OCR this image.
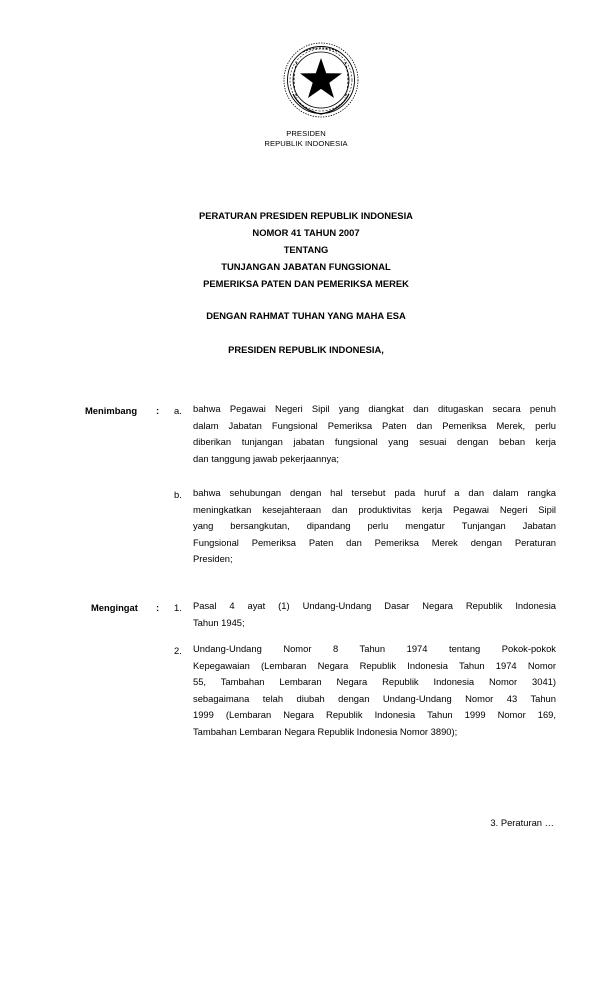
PRESIDEN
REPUBLIK INDONESIA
PERATURAN PRESIDEN REPUBLIK INDONESIA
NOMOR 41 TAHUN 2007
TENTANG
TUNJANGAN JABATAN FUNGSIONAL
PEMERIKSA PATEN DAN PEMERIKSA MEREK
DENGAN RAHMAT TUHAN YANG MAHA ESA
PRESIDEN REPUBLIK INDONESIA,
Menimbang : a. bahwa Pegawai Negeri Sipil yang diangkat dan ditugaskan secara penuh
dalam Jabatan Fungsional Pemeriksa Paten dan Pemeriksa Merek, perlu
diberikan tunjangan jabatan fungsional yang sesuai dengan beban kerja
dan tanggung jawab pekerjaannya;
b. bahwa sehubungan dengan hal tersebut pada huruf a dan dalam rangka
meningkatkan kesejahteraan dan produktivitas kerja Pegawai Negeri Sipil
yang bersangkutan, dipandang perlu mengatur Tunjangan Jabatan
Fungsional Pemeriksa Paten dan Pemeriksa Merek dengan Peraturan
Presiden;
Mengingat : 1. Pasal 4 ayat (1) Undang-Undang Dasar Negara Republik Indonesia
Tahun 1945;
2. Undang-Undang Nomor 8 Tahun 1974 tentang Pokok-pokok
Kepegawaian (Lembaran Negara Republik Indonesia Tahun 1974 Nomor
55, Tambahan Lembaran Negara Republik Indonesia Nomor 3041)
sebagaimana telah diubah dengan Undang-Undang Nomor 43 Tahun
1999 (Lembaran Negara Republik Indonesia Tahun 1999 Nomor 169,
Tambahan Lembaran Negara Republik Indonesia Nomor 3890);
3. Peraturan …
